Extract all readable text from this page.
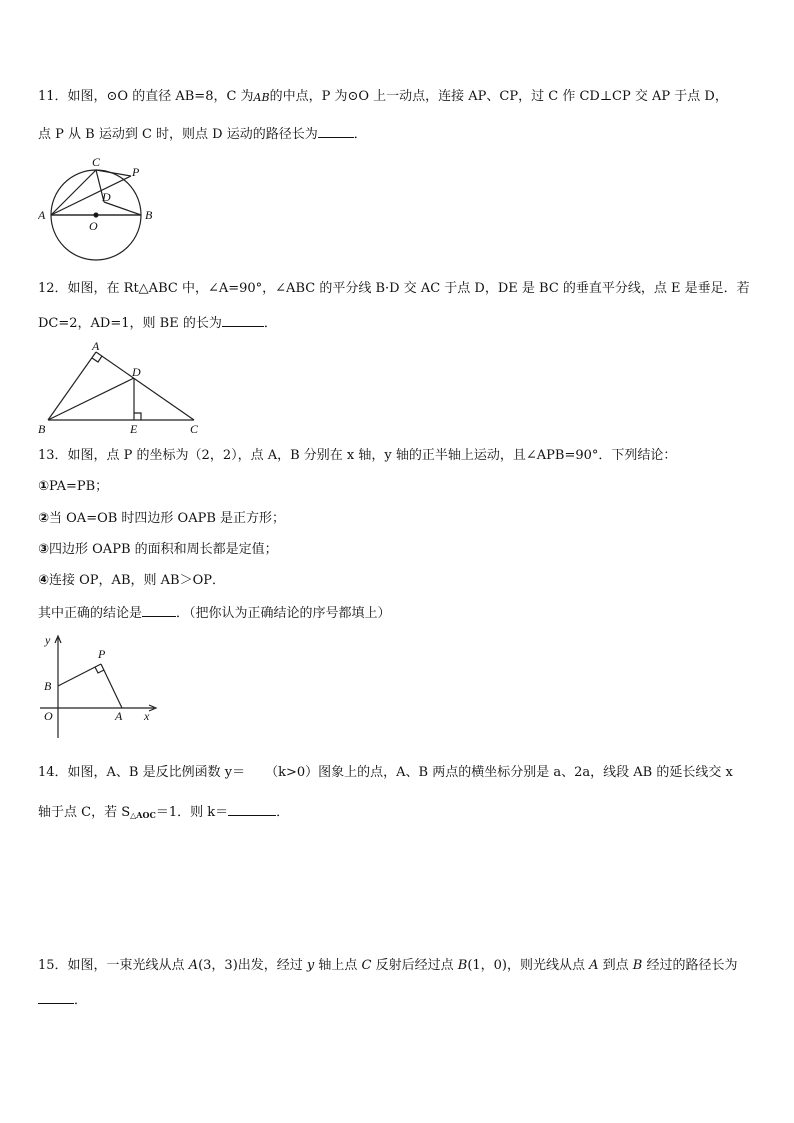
11．如图，⊙O 的直径 AB=8，C 为AB的中点，P 为⊙O 上一动点，连接 AP、CP，过 C 作 CD⊥CP 交 AP 于点 D，
点 P 从 B 运动到 C 时，则点 D 运动的路径长为	．
C
P
D
A	B
O
12．如图，在 Rt△ABC 中，∠A=90°，∠ABC 的平分线 B·D 交 AC 于点 D，DE 是 BC 的垂直平分线，点 E 是垂足．若
DC=2，AD=1，则 BE 的长为	．
A
D
B	E	C
13．如图，点 P 的坐标为（2，2），点 A，B 分别在 x 轴，y 轴的正半轴上运动，且∠APB=90°．下列结论：
①PA=PB；
②当 OA=OB 时四边形 OAPB 是正方形；
③四边形 OAPB 的面积和周长都是定值；
④连接 OP，AB，则 AB＞OP．
其中正确的结论是	．（把你认为正确结论的序号都填上）
y
P
B
O	A x
14．如图，A、B 是反比例函数 y＝ （k>0）图象上的点，A、B 两点的横坐标分别是 a、2a，线段 AB 的延长线交 x
轴于点 C，若 $S_{\triangle AOC}=1$．则 k＝	．
15．如图，一束光线从点 A(3，3)出发，经过 y 轴上点 C 反射后经过点 B(1，0)，则光线从点 A 到点 B 经过的路径长为
．
